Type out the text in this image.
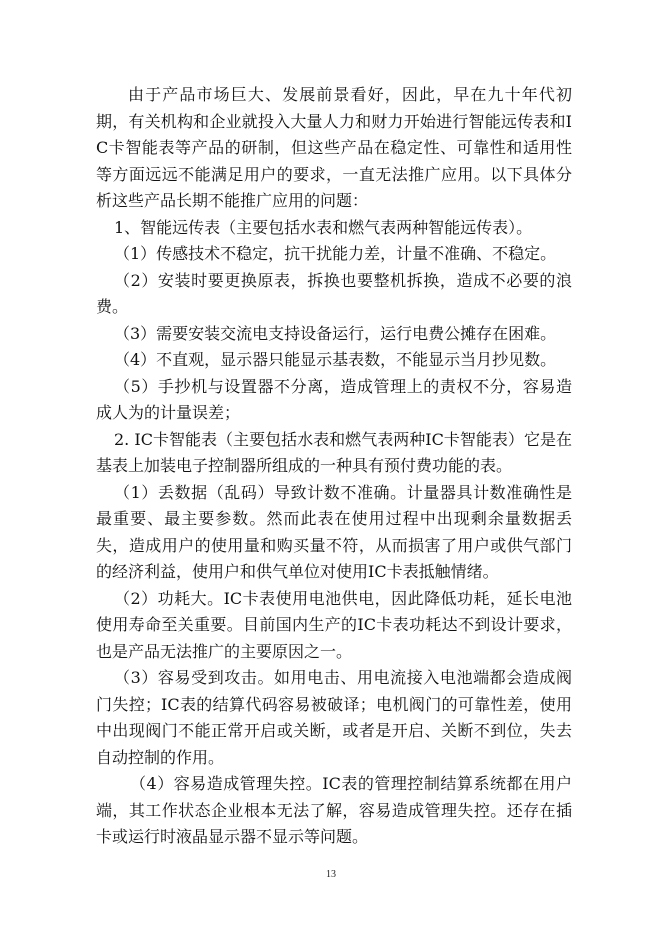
由于产品市场巨大、发展前景看好，因此，早在九十年代初期，有关机构和企业就投入大量人力和财力开始进行智能远传表和IC卡智能表等产品的研制，但这些产品在稳定性、可靠性和适用性等方面远远不能满足用户的要求，一直无法推广应用。以下具体分析这些产品长期不能推广应用的问题：

1、智能远传表（主要包括水表和燃气表两种智能远传表）。

（1）传感技术不稳定，抗干扰能力差，计量不准确、不稳定。

（2）安装时要更换原表，拆换也要整机拆换，造成不必要的浪费。

（3）需要安装交流电支持设备运行，运行电费公摊存在困难。

（4）不直观，显示器只能显示基表数，不能显示当月抄见数。

（5）手抄机与设置器不分离，造成管理上的责权不分，容易造成人为的计量误差；

2. IC卡智能表（主要包括水表和燃气表两种IC卡智能表）它是在基表上加装电子控制器所组成的一种具有预付费功能的表。

（1）丢数据（乱码）导致计数不准确。计量器具计数准确性是最重要、最主要参数。然而此表在使用过程中出现剩余量数据丢失，造成用户的使用量和购买量不符，从而损害了用户或供气部门的经济利益，使用户和供气单位对使用IC卡表抵触情绪。

（2）功耗大。IC卡表使用电池供电，因此降低功耗，延长电池使用寿命至关重要。目前国内生产的IC卡表功耗达不到设计要求，也是产品无法推广的主要原因之一。

（3）容易受到攻击。如用电击、用电流接入电池端都会造成阀门失控；IC表的结算代码容易被破译；电机阀门的可靠性差，使用中出现阀门不能正常开启或关断，或者是开启、关断不到位，失去自动控制的作用。

（4）容易造成管理失控。IC表的管理控制结算系统都在用户端，其工作状态企业根本无法了解，容易造成管理失控。还存在插卡或运行时液晶显示器不显示等问题。

13
